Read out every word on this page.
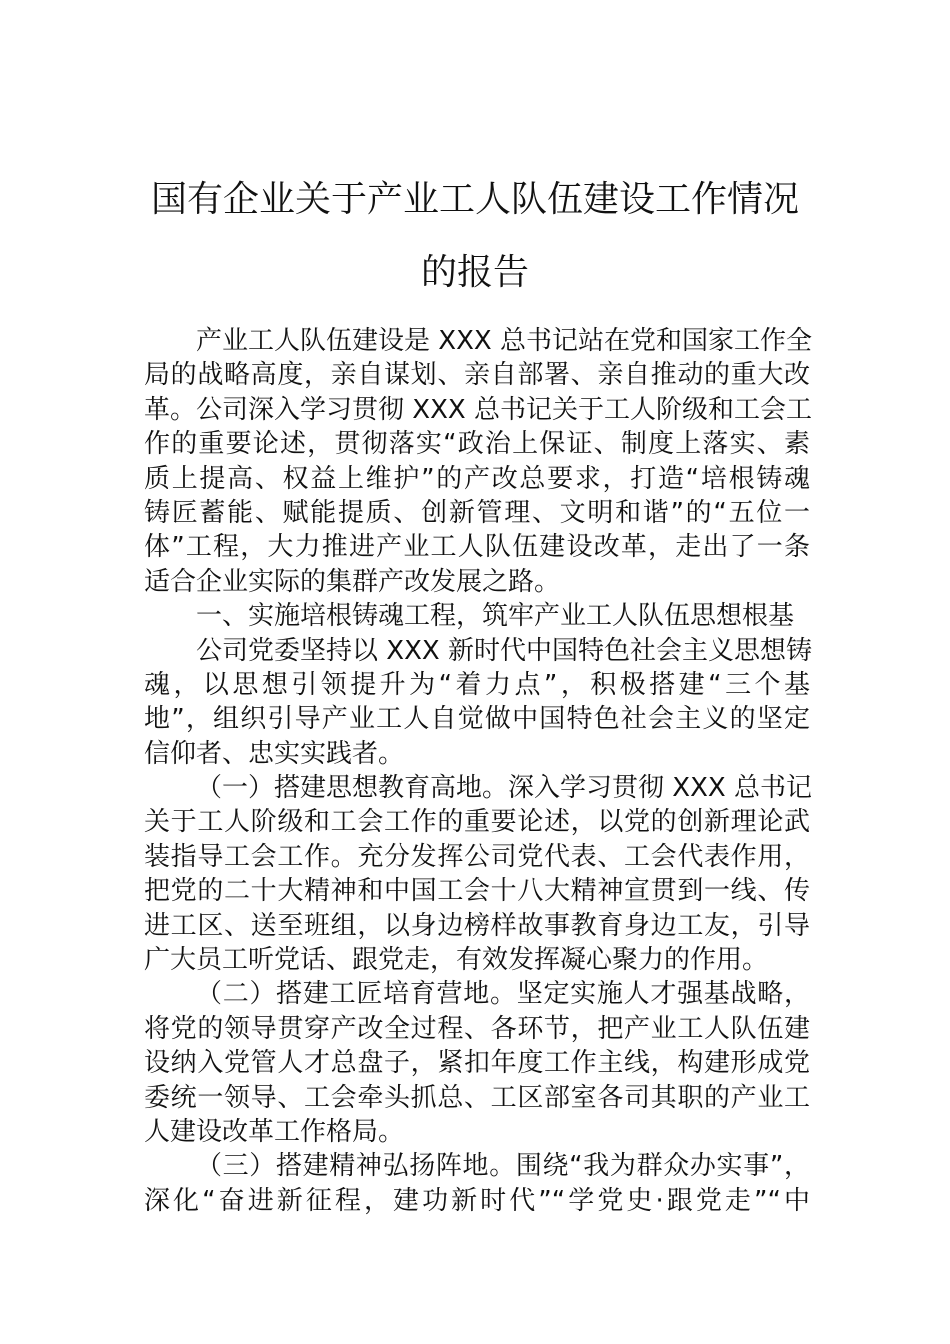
国有企业关于产业工人队伍建设工作情况
的报告
产业工人队伍建设是 XXX 总书记站在党和国家工作全
局的战略高度，亲自谋划、亲自部署、亲自推动的重大改
革。公司深入学习贯彻 XXX 总书记关于工人阶级和工会工
作的重要论述，贯彻落实“政治上保证、制度上落实、素
质上提高、权益上维护”的产改总要求，打造“培根铸魂
铸匠蓄能、赋能提质、创新管理、文明和谐”的“五位一
体”工程，大力推进产业工人队伍建设改革，走出了一条
适合企业实际的集群产改发展之路。
一、实施培根铸魂工程，筑牢产业工人队伍思想根基
公司党委坚持以 XXX 新时代中国特色社会主义思想铸
魂，以思想引领提升为“着力点”，积极搭建“三个基
地”，组织引导产业工人自觉做中国特色社会主义的坚定
信仰者、忠实实践者。
（一）搭建思想教育高地。深入学习贯彻 XXX 总书记
关于工人阶级和工会工作的重要论述，以党的创新理论武
装指导工会工作。充分发挥公司党代表、工会代表作用，
把党的二十大精神和中国工会十八大精神宣贯到一线、传
进工区、送至班组，以身边榜样故事教育身边工友，引导
广大员工听党话、跟党走，有效发挥凝心聚力的作用。
（二）搭建工匠培育营地。坚定实施人才强基战略，
将党的领导贯穿产改全过程、各环节，把产业工人队伍建
设纳入党管人才总盘子，紧扣年度工作主线，构建形成党
委统一领导、工会牵头抓总、工区部室各司其职的产业工
人建设改革工作格局。
（三）搭建精神弘扬阵地。围绕“我为群众办实事”，
深化“奋进新征程，建功新时代”“学党史·跟党走”“中
